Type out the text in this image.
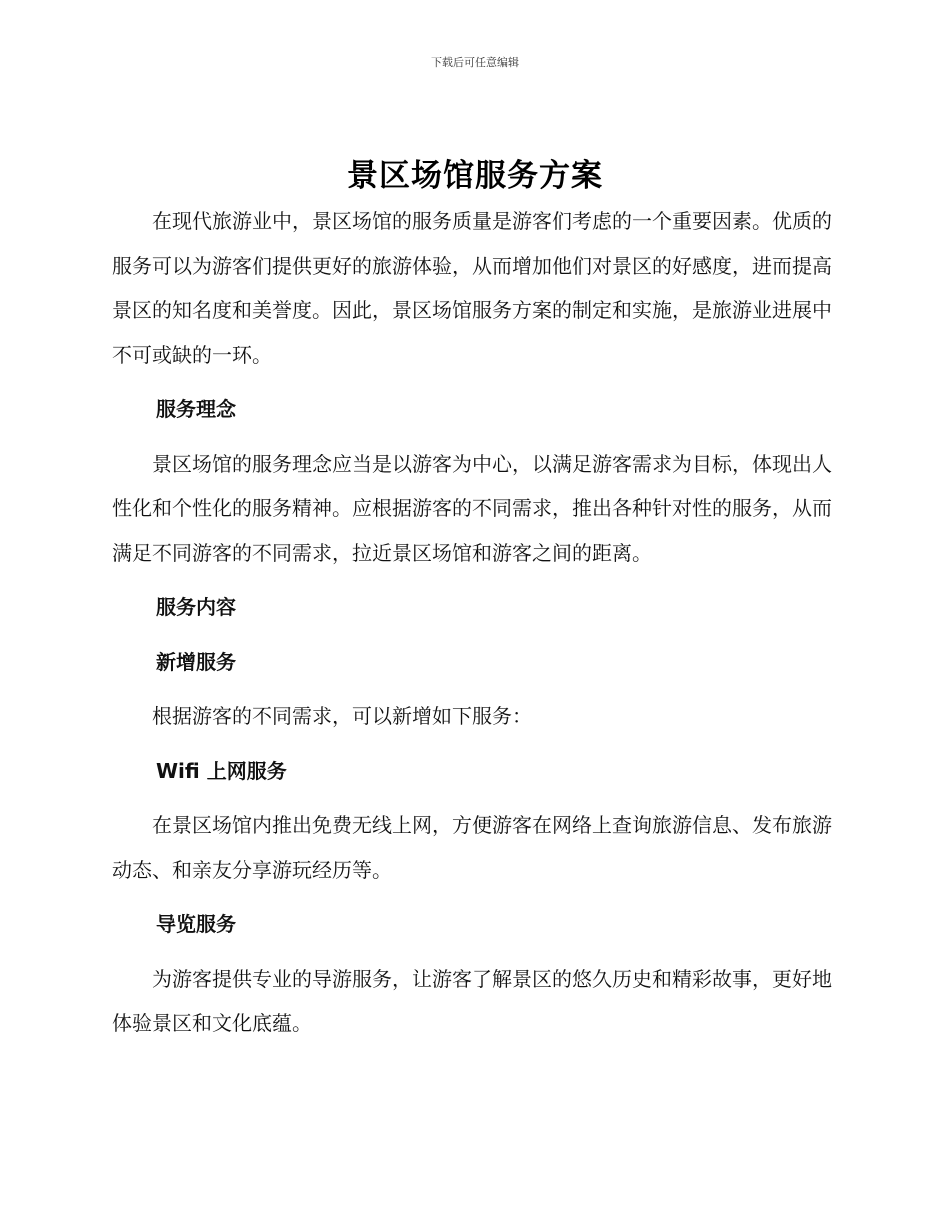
下载后可任意编辑
景区场馆服务方案

在现代旅游业中，景区场馆的服务质量是游客们考虑的一个重要因素。优质的服务可以为游客们提供更好的旅游体验，从而增加他们对景区的好感度，进而提高景区的知名度和美誉度。因此，景区场馆服务方案的制定和实施，是旅游业进展中不可或缺的一环。

服务理念

景区场馆的服务理念应当是以游客为中心，以满足游客需求为目标，体现出人性化和个性化的服务精神。应根据游客的不同需求，推出各种针对性的服务，从而满足不同游客的不同需求，拉近景区场馆和游客之间的距离。

服务内容
新增服务

根据游客的不同需求，可以新增如下服务：

Wifi 上网服务

在景区场馆内推出免费无线上网，方便游客在网络上查询旅游信息、发布旅游动态、和亲友分享游玩经历等。

导览服务

为游客提供专业的导游服务，让游客了解景区的悠久历史和精彩故事，更好地体验景区和文化底蕴。
